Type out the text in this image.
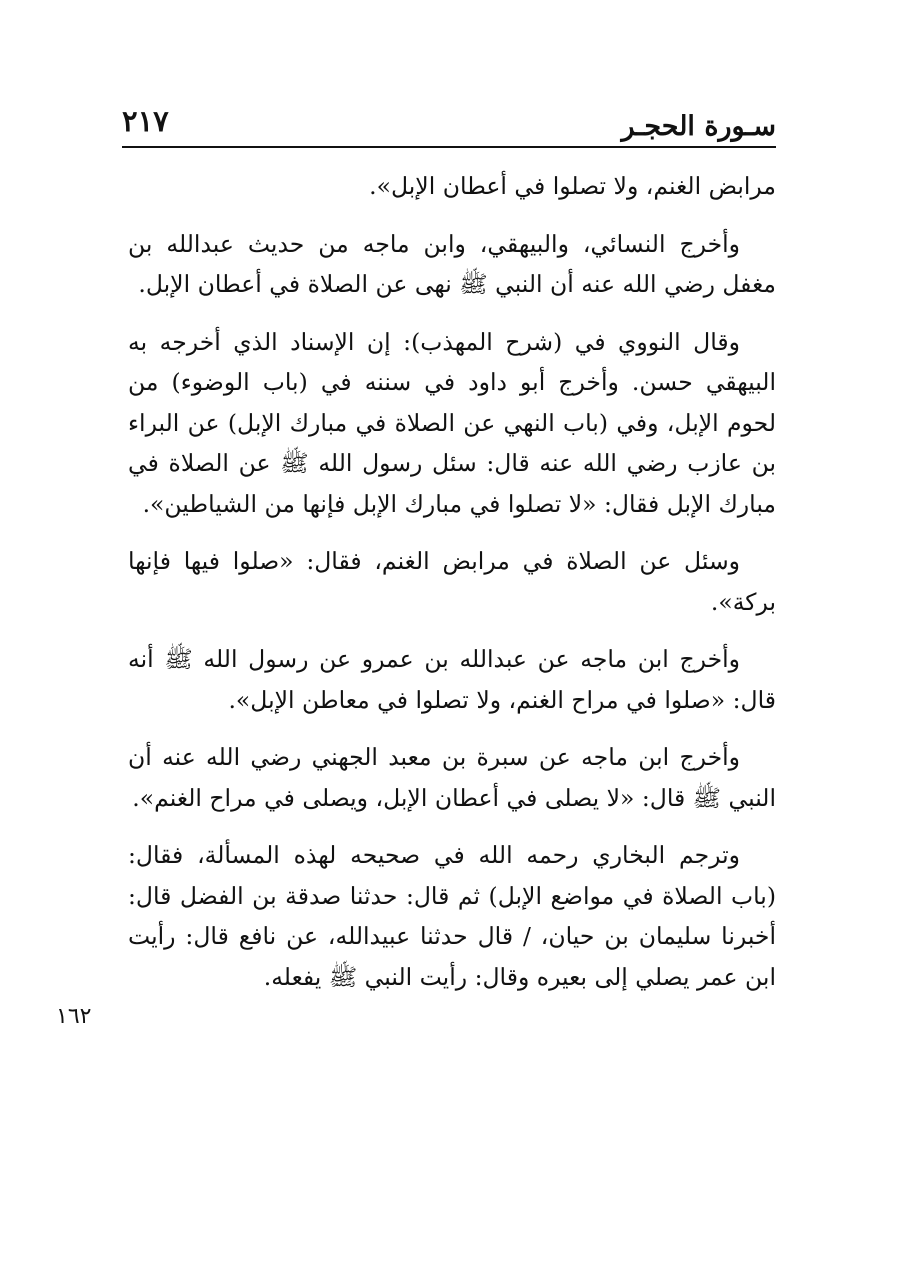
سـورة الحجـر
٢١٧

مرابض الغنم، ولا تصلوا في أعطان الإبل».

وأخرج النسائي، والبيهقي، وابن ماجه من حديث عبدالله بن مغفل رضي الله عنه أن النبي ﷺ نهى عن الصلاة في أعطان الإبل.

وقال النووي في (شرح المهذب): إن الإسناد الذي أخرجه به البيهقي حسن. وأخرج أبو داود في سننه في (باب الوضوء) من لحوم الإبل، وفي (باب النهي عن الصلاة في مبارك الإبل) عن البراء بن عازب رضي الله عنه قال: سئل رسول الله ﷺ عن الصلاة في مبارك الإبل فقال: «لا تصلوا في مبارك الإبل فإنها من الشياطين».

وسئل عن الصلاة في مرابض الغنم، فقال: «صلوا فيها فإنها بركة».

وأخرج ابن ماجه عن عبدالله بن عمرو عن رسول الله ﷺ أنه قال: «صلوا في مراح الغنم، ولا تصلوا في معاطن الإبل».

وأخرج ابن ماجه عن سبرة بن معبد الجهني رضي الله عنه أن النبي ﷺ قال: «لا يصلى في أعطان الإبل، ويصلى في مراح الغنم».

وترجم البخاري رحمه الله في صحيحه لهذه المسألة، فقال: (باب الصلاة في مواضع الإبل) ثم قال: حدثنا صدقة بن الفضل قال: أخبرنا سليمان بن حيان، / قال حدثنا عبيدالله، عن نافع قال: رأيت ابن عمر يصلي إلى بعيره وقال: رأيت النبي ﷺ يفعله.

١٦٢
